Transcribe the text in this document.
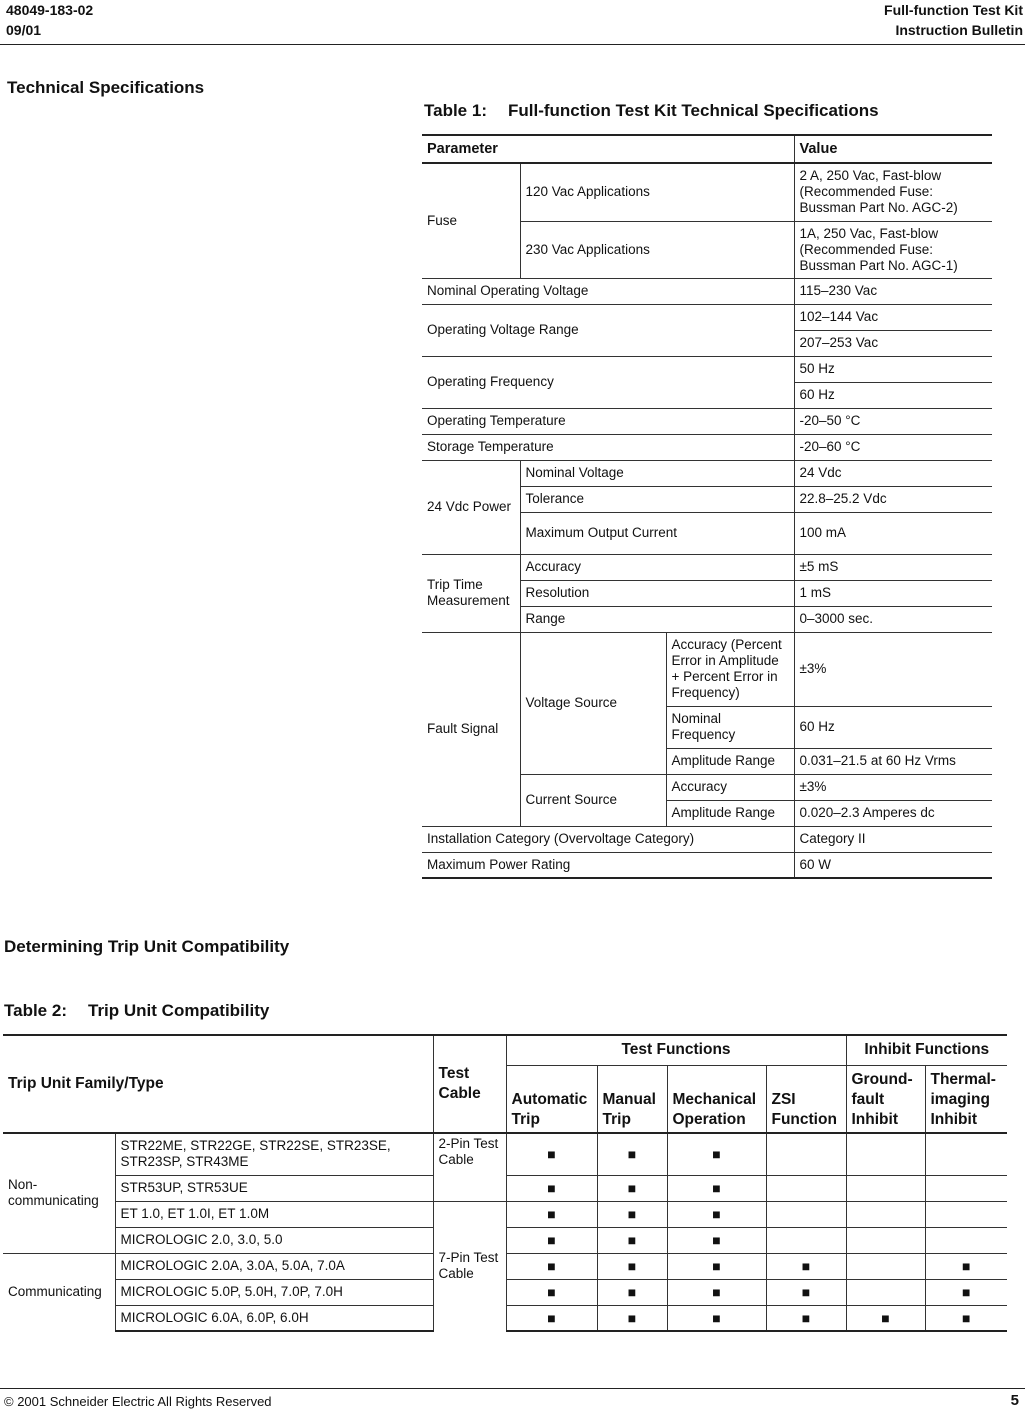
48049-183-02
09/01
Full-function Test Kit
Instruction Bulletin
Technical Specifications
Table 1: Full-function Test Kit Technical Specifications
Parameter			Value
Fuse	120 Vac Applications		2 A, 250 Vac, Fast-blow (Recommended Fuse: Bussman Part No. AGC-2)
	230 Vac Applications		1A, 250 Vac, Fast-blow (Recommended Fuse: Bussman Part No. AGC-1)
Nominal Operating Voltage			115–230 Vac
Operating Voltage Range			102–144 Vac
			207–253 Vac
Operating Frequency			50 Hz
			60 Hz
Operating Temperature			-20–50 °C
Storage Temperature			-20–60 °C
24 Vdc Power	Nominal Voltage		24 Vdc
	Tolerance		22.8–25.2 Vdc
	Maximum Output Current		100 mA
Trip Time Measurement	Accuracy		±5 mS
	Resolution		1 mS
	Range		0–3000 sec.
Fault Signal	Voltage Source	Accuracy (Percent Error in Amplitude + Percent Error in Frequency)	±3%
		Nominal Frequency	60 Hz
		Amplitude Range	0.031–21.5 at 60 Hz Vrms
	Current Source	Accuracy	±3%
		Amplitude Range	0.020–2.3 Amperes dc
Installation Category (Overvoltage Category)			Category II
Maximum Power Rating			60 W
Determining Trip Unit Compatibility
Table 2: Trip Unit Compatibility
Trip Unit Family/Type		Test Cable	Test Functions				Inhibit Functions	
			Automatic Trip	Manual Trip	Mechanical Operation	ZSI Function	Ground-fault Inhibit	Thermal-imaging Inhibit
Non-communicating	STR22ME, STR22GE, STR22SE, STR23SE, STR23SP, STR43ME	2-Pin Test Cable	■	■	■			
	STR53UP, STR53UE		■	■	■			
	ET 1.0, ET 1.0I, ET 1.0M	7-Pin Test Cable	■	■	■			
	MICROLOGIC 2.0, 3.0, 5.0		■	■	■			
Communicating	MICROLOGIC 2.0A, 3.0A, 5.0A, 7.0A		■	■	■	■		■
	MICROLOGIC 5.0P, 5.0H, 7.0P, 7.0H		■	■	■	■		■
	MICROLOGIC 6.0A, 6.0P, 6.0H		■	■	■	■	■	■
© 2001 Schneider Electric All Rights Reserved	5
